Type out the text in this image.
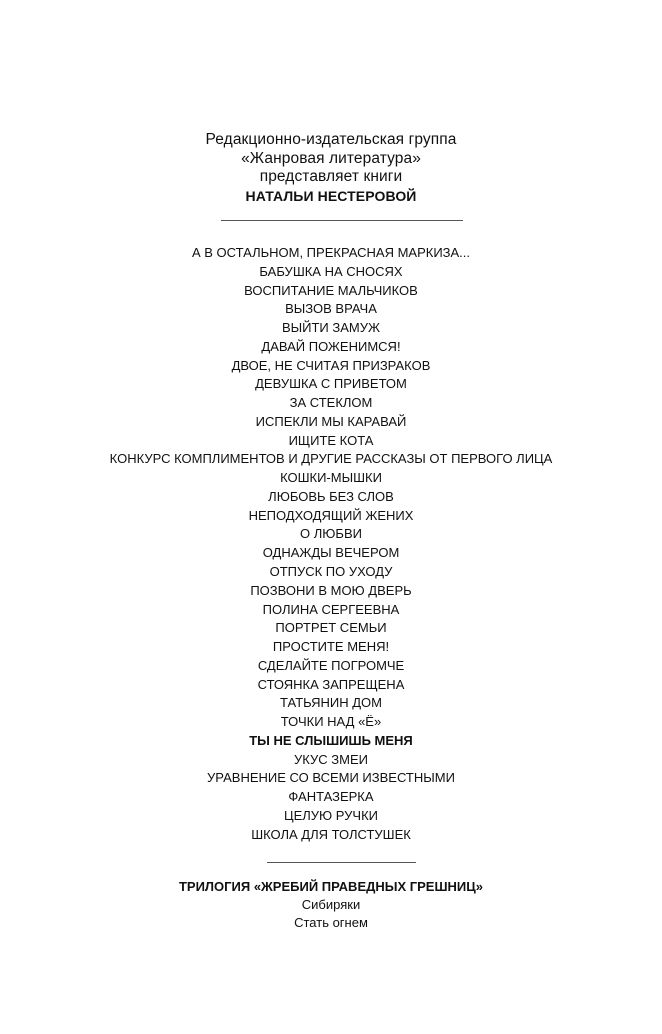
Редакционно-издательская группа
«Жанровая литература»
представляет книги
НАТАЛЬИ НЕСТЕРОВОЙ
А В ОСТАЛЬНОМ, ПРЕКРАСНАЯ МАРКИЗА...
БАБУШКА НА СНОСЯХ
ВОСПИТАНИЕ МАЛЬЧИКОВ
ВЫЗОВ ВРАЧА
ВЫЙТИ ЗАМУЖ
ДАВАЙ ПОЖЕНИМСЯ!
ДВОЕ, НЕ СЧИТАЯ ПРИЗРАКОВ
ДЕВУШКА С ПРИВЕТОМ
ЗА СТЕКЛОМ
ИСПЕКЛИ МЫ КАРАВАЙ
ИЩИТЕ КОТА
КОНКУРС КОМПЛИМЕНТОВ И ДРУГИЕ РАССКАЗЫ ОТ ПЕРВОГО ЛИЦА
КОШКИ-МЫШКИ
ЛЮБОВЬ БЕЗ СЛОВ
НЕПОДХОДЯЩИЙ ЖЕНИХ
О ЛЮБВИ
ОДНАЖДЫ ВЕЧЕРОМ
ОТПУСК ПО УХОДУ
ПОЗВОНИ В МОЮ ДВЕРЬ
ПОЛИНА СЕРГЕЕВНА
ПОРТРЕТ СЕМЬИ
ПРОСТИТЕ МЕНЯ!
СДЕЛАЙТЕ ПОГРОМЧЕ
СТОЯНКА ЗАПРЕЩЕНА
ТАТЬЯНИН ДОМ
ТОЧКИ НАД «Ё»
ТЫ НЕ СЛЫШИШЬ МЕНЯ
УКУС ЗМЕИ
УРАВНЕНИЕ СО ВСЕМИ ИЗВЕСТНЫМИ
ФАНТАЗЕРКА
ЦЕЛУЮ РУЧКИ
ШКОЛА ДЛЯ ТОЛСТУШЕК
ТРИЛОГИЯ «ЖРЕБИЙ ПРАВЕДНЫХ ГРЕШНИЦ»
Сибиряки
Стать огнем
